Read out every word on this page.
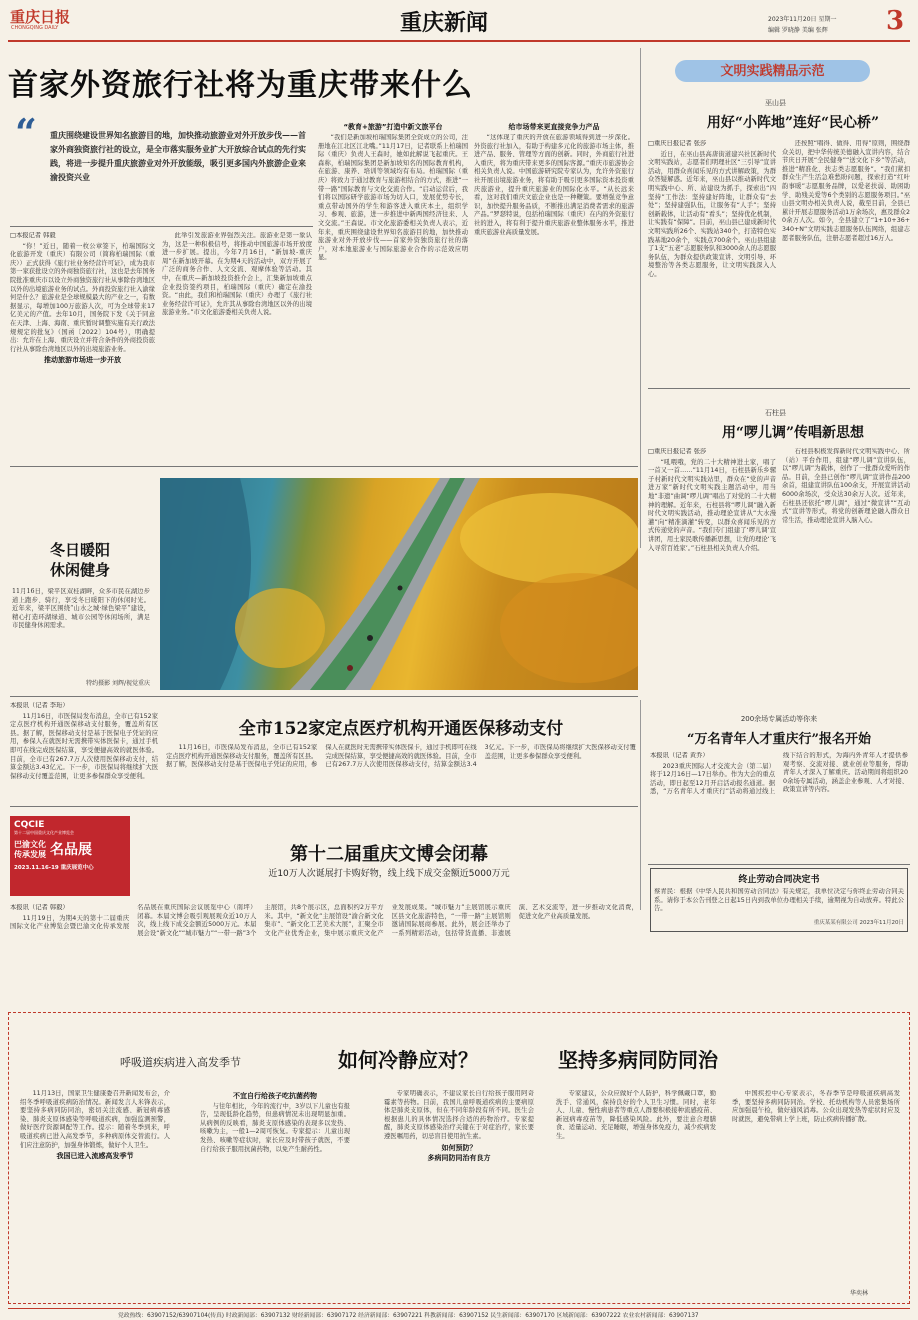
重庆日报
CHONGQING DAILY	重庆新闻	2023年11月20日 星期一
编辑 罗晓静 美编 张辉 3
首家外资旅行社将为重庆带来什么
“ 重庆围绕建设世界知名旅游目的地，加快推动旅游业对外开放步伐——首家外商独资旅行社的设立，是全市落实服务业扩大开放综合试点的先行实践，将进一步提升重庆旅游业对外开放能级，吸引更多国内外旅游企业来渝投资兴业
□本报记者 韩毅

“你！”近日，随着一枚公章签下，柏瑞国际文化旅游开发（重庆）有限公司（简称柏瑞国际（重庆））正式获得《旅行社业务经营许可证》，成为我市第一家获批设立的外商独资旅行社，这也是去年国务院批准重庆市以设立外商独资旅行社从事除台湾地区以外的出境旅游业务的试点。外商投资旅行社入渝缘何是什么？旅游业是全球规模最大的产业之一，有数据显示，每增加100万旅游人次，可为全球带来17亿美元的产值。去年10月，国务院下发《关于同意在天津、上海、海南、重庆暂时调整实施有关行政法规规定的批复》（国函〔2022〕104号），明确提出：允许在上海、重庆设立并符合条件的外商投资旅行社从事除台湾地区以外的出境旅游业务。

推动旅游市场进一步开放

此举引发旅游业界强烈关注。旅游业是第一象认为，这是一种积极信号，将推动中国旅游市场开放度进一步扩展。提出，今年7月16日，“新加坡-重庆周”在新加坡开幕。在为期4天的活动中，双方开展了广泛的商务合作、人文交流、观摩体验等活动。其中，在重庆—新加坡投资推介会上，汇集新加坡重点企业投资签约项目，柏瑞国际（重庆）确定在渝投资。“由此，我们和柏瑞国际（重庆）办理了《旅行社业务经营许可证》，允许其从事除台湾地区以外的出境旅游业务。”市文化旅游委相关负责人说。

“教育+旅游”打造中新文旅平台

“我们是新加坡柏瑞国际集团全资成立的公司，注册地在江北区江北嘴。”11月17日，记者联系上柏瑞国际（重庆）负责人王森时，她如此解说飞起重庆。王森称，柏瑞国际集团是新加坡知名的国际教育机构，在旅游、康养、培训等领域均有布局。柏瑞国际（重庆）将致力于通过教育与旅游相结合的方式，推进“一带一路”国际教育与文化交流合作。“启动运营后，我们将以国际研学旅游市场为切入口，发展优势专长，重点带动国外的学生和游客进入重庆本土，组织学习、参观、旅游，进一步推进中新两国经济往来、人文交流。”王森说。市文化旅游委相关负责人表示，近年来，重庆围绕建设世界知名旅游目的地，加快推动旅游业对外开放步伐——首家外资独资旅行社的落户，对本地旅游业与国际旅游业合作的示范效应明显。

给市场带来更直接竞争力产品

“这体现了重庆的开放在旅游领域得到进一步深化。外资旅行社加入，有助于构建多元化的旅游市场主体，推进产品、服务、管理等方面的创新。同时，外商旅行社进入重庆，将为重庆带来更多的国际客源。”重庆市旅游协会相关负责人说。中国旅游研究院专家认为，允许外资旅行社开展出境旅游业务，将有助于吸引更多国际资本投资重庆旅游业，提升重庆旅游业的国际化水平。“从长远来看，这对我们重庆文旅企业也是一种鞭策。要增强竞争意识，加快提升服务品质，不断推出满足消费者需求的旅游产品。”罗瑟特说，包括柏瑞国际（重庆）在内的外资旅行社的进入，将有利于提升重庆旅游业整体服务水平，推进重庆旅游业高质量发展。

文明实践精品示范
巫山县
用好“小阵地”连好“民心桥”
□重庆日报记者 张莎

近日，在巫山县高唐街道建兴社区新时代文明实践站，志愿者们明理社区“三引导”宣讲活动，用群众喜闻乐见的方式讲解政策，为群众答疑解惑。近年来，巫山县以推动新时代文明实践中心、所、站建设为抓手，探索出“四坚持”工作法：坚持建好阵地，让群众有“去处”；坚持建强队伍，让服务有“人手”；坚持创新载体，让活动有“看头”；坚持优化机制，让实践有“保障”。目前，巫山县已建成新时代文明实践所26个、实践站340个，打造特色实践基地20余个，实践点700余个。巫山县组建了1支“五老”志愿服务队和3000余人的志愿服务队伍，为群众提供政策宣讲、文明引导、环境整治等各类志愿服务，让文明实践深入人心。

还按照“唱得、做得、用得”原则，围绕群众关切，把中华传统美德融入宣讲内容，结合节庆日开展“全民健身”“送文化下乡”等活动，推进“精准化、扶志类志愿服务”。“我们紧扣群众生产生活急难愁盼问题，探索打造“红叶韵事暖”志愿服务品牌，以爱老扶弱、助困助学、助残关爱等6个类别的志愿服务项目。”巫山县文明办相关负责人说，截至目前，全县已累计开展志愿服务活动1万余场次，惠及群众20余万人次。如今，全县建立了“1+10+36+340+N”文明实践志愿服务队伍网络，组建志愿者服务队伍，注册志愿者超过16万人。

石柱县
用“啰儿调”传唱新思想
□重庆日报记者 张莎

“吼喂哦，党的二十大精神进土家，唱了一首又一首……”11月14日，石柱县新乐乡骡子村新时代文明实践站里，群众在“党的声音进万家”新时代文明实践主题活动中，用当地“非遗”曲调“啰儿调”唱出了对党的二十大精神的理解。近年来，石柱县将“啰儿调”融入新时代文明实践活动，推动理论宣讲从“大水漫灌”向“精准滴灌”转变，以群众喜闻乐见的方式传递党的声音。“我们专门组建了‘啰儿调’宣讲团，用土家民歌传播新思想，让党的理论‘飞入寻常百姓家’。”石柱县相关负责人介绍。

石柱县积极发挥新时代文明实践中心、所（站）平台作用，组建“啰儿调”宣讲队伍，以“啰儿调”为载体，创作了一批群众爱听的作品。目前，全县已创作“啰儿调”宣讲作品200余首，组建宣讲队伍100余支，开展宣讲活动6000余场次，受众达30余万人次。近年来，石柱县还依托“啰儿调”，通过“微宣讲”“互动式”宣讲等形式，将党的创新理论融入群众日常生活，推动理论宣讲入脑入心。

冬日暖阳
休闲健身
11月16日，梁平区双桂湖畔，众多市民在湖边步道上跑步、骑行，享受冬日暖阳下的休闲时光。近年来，梁平区围绕“山水之城·绿色梁平”建设，精心打造环湖绿道、城市公园等休闲场所，满足市民健身休闲需求。
特约摄影 刘辉/视觉重庆
本报讯（记者 李珩）

11月16日，市医保局发布消息，全市已有152家定点医疗机构开通医保移动支付服务，覆盖所有区县。据了解，医保移动支付是基于医保电子凭证的应用，参保人在就医时无需携带实体医保卡，通过手机即可在线完成医保结算，享受便捷高效的就医体验。目前，全市已有267.7万人次使用医保移动支付，结算金额达3.43亿元。下一步，市医保局将继续扩大医保移动支付覆盖范围，让更多参保群众享受便利。

全市152家定点医疗机构开通医保移动支付

11月16日，市医保局发布消息，全市已有152家定点医疗机构开通医保移动支付服务，覆盖所有区县。据了解，医保移动支付是基于医保电子凭证的应用，参保人在就医时无需携带实体医保卡，通过手机即可在线完成医保结算，享受便捷高效的就医体验。目前，全市已有267.7万人次使用医保移动支付，结算金额达3.43亿元。下一步，市医保局将继续扩大医保移动支付覆盖范围，让更多参保群众享受便利。

200余场专属活动等你来
“万名青年人才重庆行”报名开始
本报讯（记者 黄乔）

2023重庆国际人才交流大会（第二届）将于12月16日—17日举办。作为大会的重点活动，即日起至12月开启活动报名通道。据悉，“万名青年人才重庆行”活动将通过线上线下结合的形式，为海内外青年人才提供参观考察、交流对接、就业创业等服务，帮助青年人才深入了解重庆。活动期间将组织200余场专属活动，涵盖企业参观、人才对接、政策宣讲等内容。

终止劳动合同决定书
蔡青民：根据《中华人民共和国劳动合同法》有关规定，我单位决定与你终止劳动合同关系。请你于本公告刊登之日起15日内到我单位办理相关手续，逾期视为自动放弃。特此公告。
重庆某某有限公司 2023年11月20日
CQCIE
第十二届中国重庆文化产业博览会
巴渝文化
传承发展 名品展
2023.11.16-19 重庆展览中心
第十二届重庆文博会闭幕
近10万人次诞展打卡购好物，线上线下成交金额近5000万元
本报讯（记者 韩毅）

11月19日，为期4天的第十二届重庆国际文化产业博览会暨巴渝文化传承发展名品展在重庆国际会议展览中心（南坪）闭幕。本届文博会吸引观展观众近10万人次，线上线下成交金额近5000万元。本届展会设“新文化”“城市魅力”“一带一路”3个主展馆，共8个展示区，总面积约2万平方米。其中，“新文化”主展馆设“渝合新文化集市”、“新文化工艺美术大展”，汇聚全市文化产业优秀企业，集中展示重庆文化产业发展成果。“城市魅力”主展馆展示重庆区县文化旅游特色，“一带一路”主展馆则邀请国际展商参展。此外，展会还举办了一系列精彩活动，包括带货直播、非遗展演、艺术交流等，进一步推动文化消费，促进文化产业高质量发展。

呼吸道疾病进入高发季节	如何冷静应对？	坚持多病同防同治

11月13日，国家卫生健康委召开新闻发布会，介绍冬季呼吸道疾病防治情况。新闻发言人米锋表示，要坚持多病同防同治，密切关注流感、新冠病毒感染、肺炎支原体感染等呼吸道疾病，加强监测预警，做好医疗资源调配等工作。提示：随着冬季到来，呼吸道疾病已进入高发季节，多种病原体交替流行。人们应注意防护，加强身体锻炼，做好个人卫生。

我国已进入流感高发季节
不宜自行给孩子吃抗菌药物

与往年相比，今年的流行中，3岁以下儿童也有报告，呈现低龄化趋势，但患病情况未出现明显加重。从病例的反映看，肺炎支原体感染的表现多以发热、咳嗽为主，一般1—2周可恢复。专家提示：儿童出现发热、咳嗽等症状时，家长应及时带孩子就医，不要自行给孩子服用抗菌药物，以免产生耐药性。

专家明确表示，不建议家长自行给孩子服用阿奇霉素等药物。目前，我国儿童呼吸道疾病的主要病原体是肺炎支原体，但在不同年龄段有所不同。医生会根据患儿的具体情况选择合适的药物治疗。专家提醒，肺炎支原体感染治疗关键在于对症治疗，家长要遵医嘱用药，切忌盲目使用抗生素。

如何预防？
多病同防同治有良方

专家建议，公众应做好个人防护，科学佩戴口罩，勤洗手、常通风，保持良好的个人卫生习惯。同时，老年人、儿童、慢性病患者等重点人群要积极接种流感疫苗、新冠病毒疫苗等，降低感染风险。此外，要注意合理膳食、适量运动、充足睡眠，增强身体免疫力，减少疾病发生。

中国疾控中心专家表示，冬春季节是呼吸道疾病高发季，要坚持多病同防同治。学校、托幼机构等人员密集场所应加强晨午检，做好通风消毒。公众出现发热等症状时应及时就医，避免带病上学上班，防止疾病传播扩散。

华奕林
党政热线：63907152/63907104(传真) 时政新闻部：63907132 财经新闻部：63907172 经济新闻部：63907221 科教新闻部：63907152 民生新闻部：63907170 区域新闻部：63907222 农业农村新闻部：63907137
